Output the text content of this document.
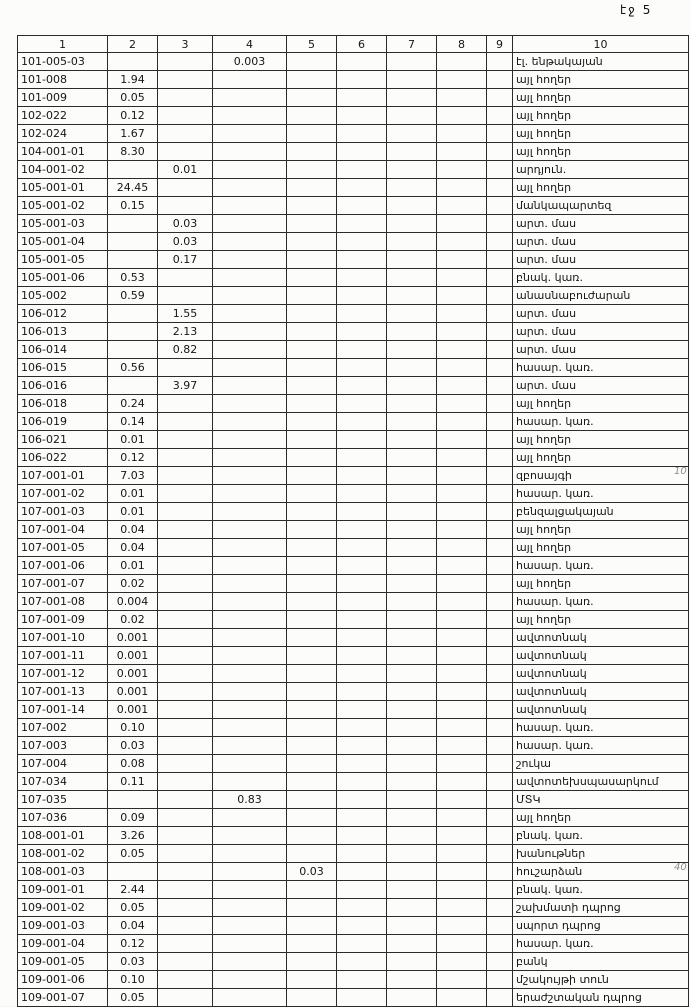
էջ 5
1	2	3	4	5	6	7	8	9	10
101-005-03			0.003						էլ. ենթակայան
101-008	1.94								այլ հողեր
101-009	0.05								այլ հողեր
102-022	0.12								այլ հողեր
102-024	1.67								այլ հողեր
104-001-01	8.30								այլ հողեր
104-001-02		0.01							արդյուն.
105-001-01	24.45								այլ հողեր
105-001-02	0.15								մանկապարտեզ
105-001-03		0.03							արտ. մաս
105-001-04		0.03							արտ. մաս
105-001-05		0.17							արտ. մաս
105-001-06	0.53								բնակ. կառ.
105-002	0.59								անասնաբուժարան
106-012		1.55							արտ. մաս
106-013		2.13							արտ. մաս
106-014		0.82							արտ. մաս
106-015	0.56								հասար. կառ.
106-016		3.97							արտ. մաս
106-018	0.24								այլ հողեր
106-019	0.14								հասար. կառ.
106-021	0.01								այլ հողեր
106-022	0.12								այլ հողեր
107-001-01	7.03								զբոսայգի
107-001-02	0.01								հասար. կառ.
107-001-03	0.01								բենզալցակայան
107-001-04	0.04								այլ հողեր
107-001-05	0.04								այլ հողեր
107-001-06	0.01								հասար. կառ.
107-001-07	0.02								այլ հողեր
107-001-08	0.004								հասար. կառ.
107-001-09	0.02								այլ հողեր
107-001-10	0.001								ավտոտնակ
107-001-11	0.001								ավտոտնակ
107-001-12	0.001								ավտոտնակ
107-001-13	0.001								ավտոտնակ
107-001-14	0.001								ավտոտնակ
107-002	0.10								հասար. կառ.
107-003	0.03								հասար. կառ.
107-004	0.08								շուկա
107-034	0.11								ավտոտեխսպասարկում
107-035			0.83						ՄՏԿ
107-036	0.09								այլ հողեր
108-001-01	3.26								բնակ. կառ.
108-001-02	0.05								խանութներ
108-001-03				0.03					հուշարձան
109-001-01	2.44								բնակ. կառ.
109-001-02	0.05								շախմատի դպրոց
109-001-03	0.04								սպորտ դպրոց
109-001-04	0.12								հասար. կառ.
109-001-05	0.03								բանկ
109-001-06	0.10								մշակույթի տուն
109-001-07	0.05								երաժշտական դպրոց
10
40
